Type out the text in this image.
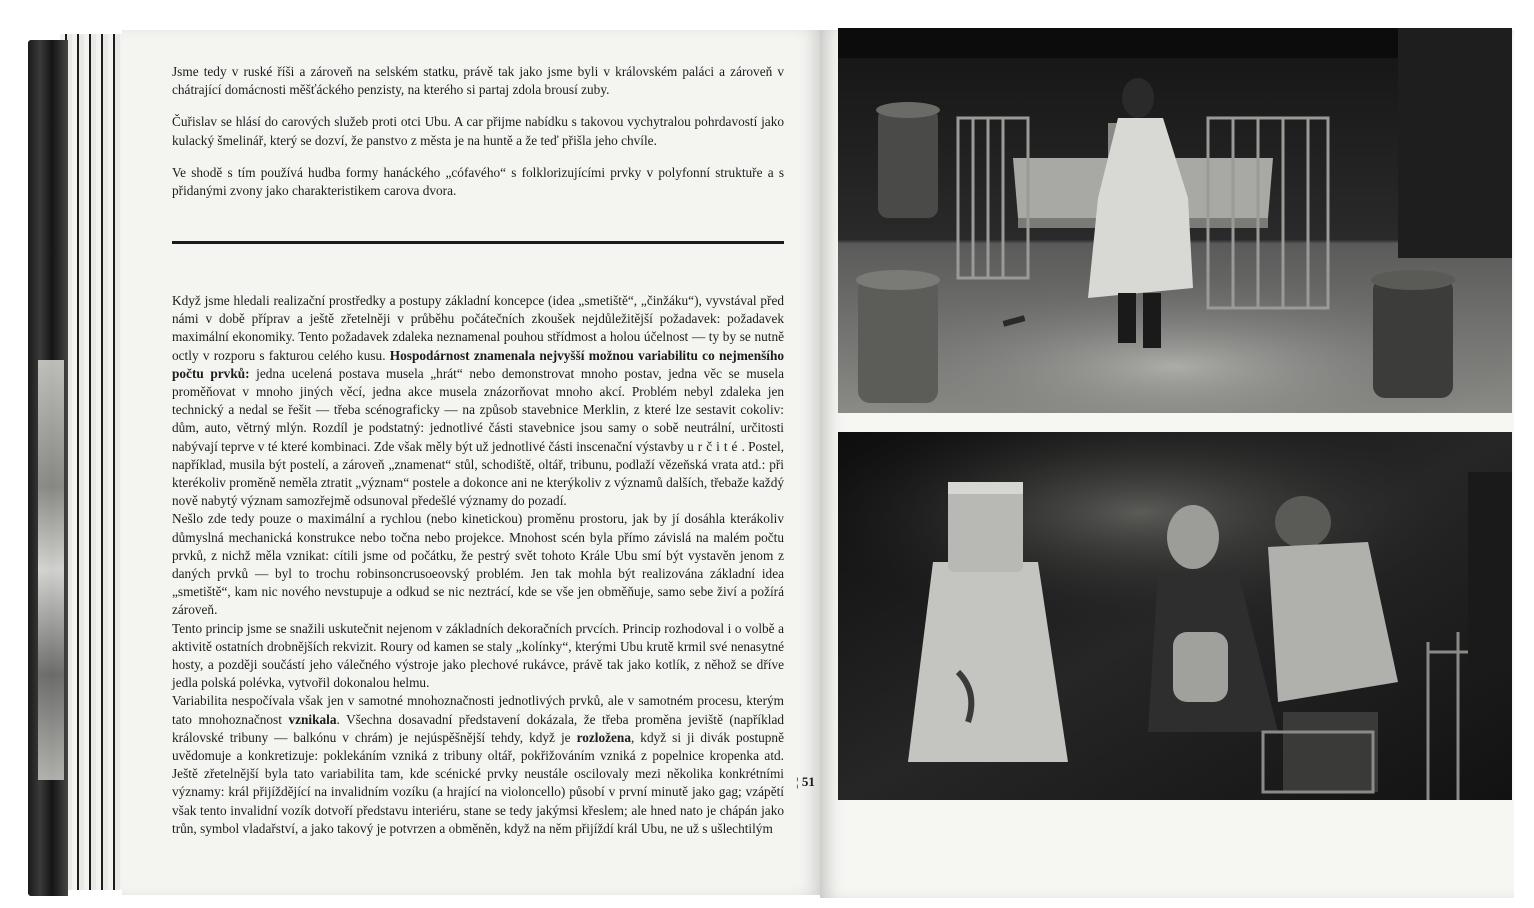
Jsme tedy v ruské říši a zároveň na selském statku, právě tak jako jsme byli v královském paláci a zároveň v chátrající domácnosti měšťáckého penzisty, na kterého si partaj zdola brousí zuby.

Čuřislav se hlásí do carových služeb proti otci Ubu. A car přijme nabídku s takovou vychytralou pohrdavostí jako kulacký šmelinář, který se dozví, že panstvo z města je na huntě a že teď přišla jeho chvíle.

Ve shodě s tím používá hudba formy hanáckého „cófavého“ s folklorizujícími prvky v polyfonní struktuře a s přidanými zvony jako charakteristikem carova dvora.

Když jsme hledali realizační prostředky a postupy základní koncepce (idea „smetiště“, „činžáku“), vyvstával před námi v době příprav a ještě zřetelněji v průběhu počátečních zkoušek nejdůležitější požadavek: požadavek maximální ekonomiky. Tento požadavek zdaleka neznamenal pouhou střídmost a holou účelnost — ty by se nutně octly v rozporu s fakturou celého kusu. Hospodárnost znamenala nejvyšší možnou variabilitu co nejmenšího počtu prvků: jedna ucelená postava musela „hrát“ nebo demonstrovat mnoho postav, jedna věc se musela proměňovat v mnoho jiných věcí, jedna akce musela znázorňovat mnoho akcí. Problém nebyl zdaleka jen technický a nedal se řešit — třeba scénograficky — na způsob stavebnice Merklin, z které lze sestavit cokoliv: dům, auto, větrný mlýn. Rozdíl je podstatný: jednotlivé části stavebnice jsou samy o sobě neutrální, určitosti nabývají teprve v té které kombinaci. Zde však měly být už jednotlivé části inscenační výstavby určité. Postel, například, musila být postelí, a zároveň „znamenat“ stůl, schodiště, oltář, tribunu, podlaží vězeňská vrata atd.: při kterékoliv proměně neměla ztratit „význam“ postele a dokonce ani ne kterýkoliv z významů dalších, třebaže každý nově nabytý význam samozřejmě odsunoval předešlé významy do pozadí.

Nešlo zde tedy pouze o maximální a rychlou (nebo kinetickou) proměnu prostoru, jak by jí dosáhla kterákoliv důmyslná mechanická konstrukce nebo točna nebo projekce. Mnohost scén byla přímo závislá na malém počtu prvků, z nichž měla vznikat: cítili jsme od počátku, že pestrý svět tohoto Krále Ubu smí být vystavěn jenom z daných prvků — byl to trochu robinsoncrusoeovský problém. Jen tak mohla být realizována základní idea „smetiště“, kam nic nového nevstupuje a odkud se nic neztrácí, kde se vše jen obměňuje, samo sebe živí a požírá zároveň.

Tento princip jsme se snažili uskutečnit nejenom v základních dekoračních prvcích. Princip rozhodoval i o volbě a aktivitě ostatních drobnějších rekvizit. Roury od kamen se staly „kolínky“, kterými Ubu krutě krmil své nenasytné hosty, a později součástí jeho válečného výstroje jako plechové rukávce, právě tak jako kotlík, z něhož se dříve jedla polská polévka, vytvořil dokonalou helmu.

Variabilita nespočívala však jen v samotné mnohoznačnosti jednotlivých prvků, ale v samotném procesu, kterým tato mnohoznačnost vznikala. Všechna dosavadní představení dokázala, že třeba proměna jeviště (například královské tribuny — balkónu v chrám) je nejúspěšnější tehdy, když je rozložena, když si ji divák postupně uvědomuje a konkretizuje: poklekáním vzniká z tribuny oltář, pokřižováním vzniká z popelnice kropenka atd. Ještě zřetelnější byla tato variabilita tam, kde scénické prvky neustále oscilovaly mezi několika konkrétními významy: král přijíždějící na invalidním vozíku (a hrající na violoncello) působí v první minutě jako gag; vzápětí však tento invalidní vozík dotvoří představu interiéru, stane se tedy jakýmsi křeslem; ale hned nato je chápán jako trůn, symbol vladařství, a jako takový je potvrzen a obměněn, když na něm přijíždí král Ubu, ne už s ušlechtilým

¦ 51
